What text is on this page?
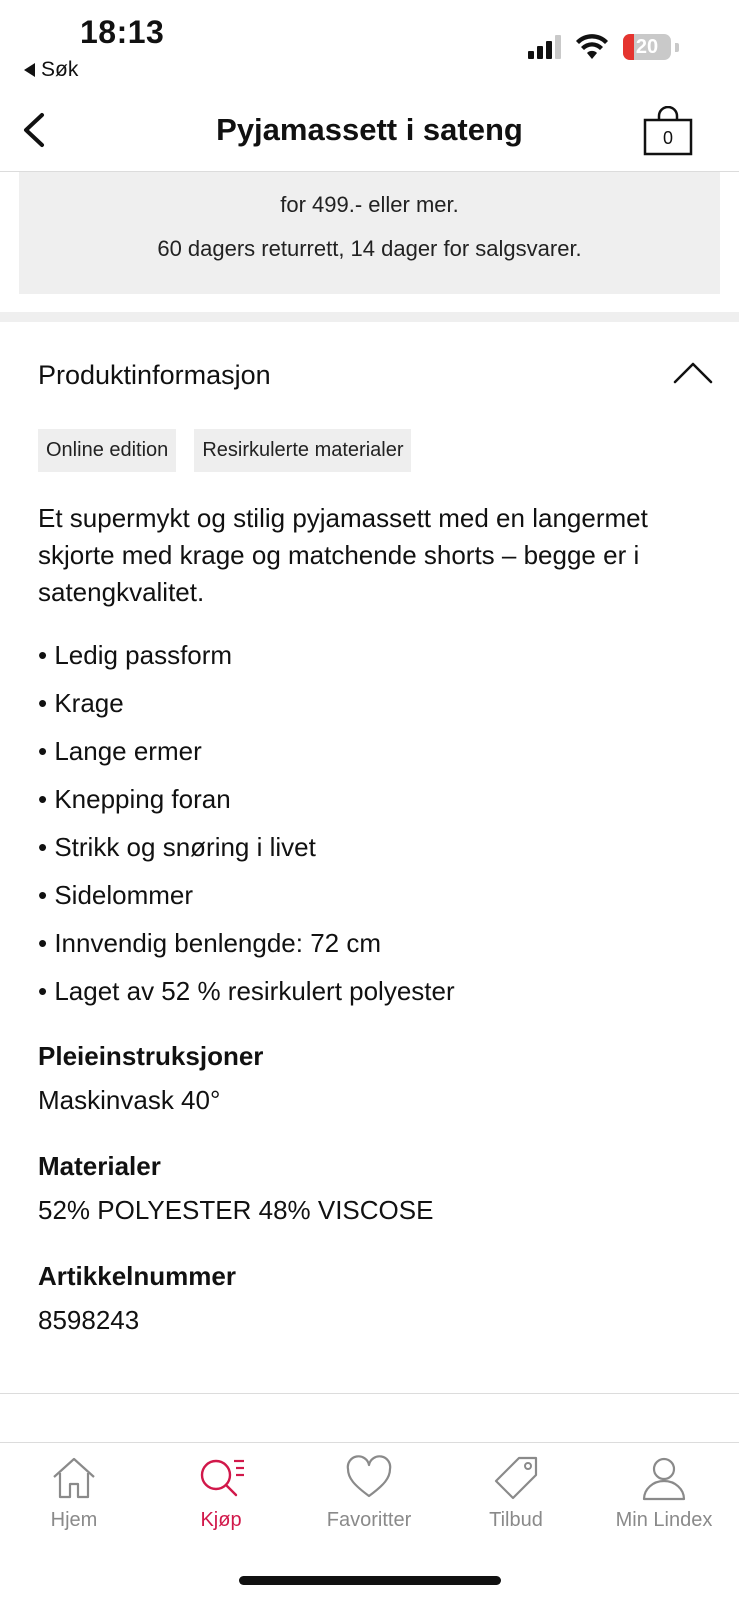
18:13
Søk
20
Pyjamassett i sateng	0
for 499.- eller mer.
60 dagers returrett, 14 dager for salgsvarer.
Produktinformasjon
Online edition	Resirkulerte materialer
Et supermykt og stilig pyjamassett med en langermet skjorte med krage og matchende shorts – begge er i satengkvalitet.
• Ledig passform
• Krage
• Lange ermer
• Knepping foran
• Strikk og snøring i livet
• Sidelommer
• Innvendig benlengde: 72 cm
• Laget av 52 % resirkulert polyester
Pleieinstruksjoner
Maskinvask 40°
Materialer
52% POLYESTER 48% VISCOSE
Artikkelnummer
8598243
Hjem	Kjøp	Favoritter	Tilbud	Min Lindex
